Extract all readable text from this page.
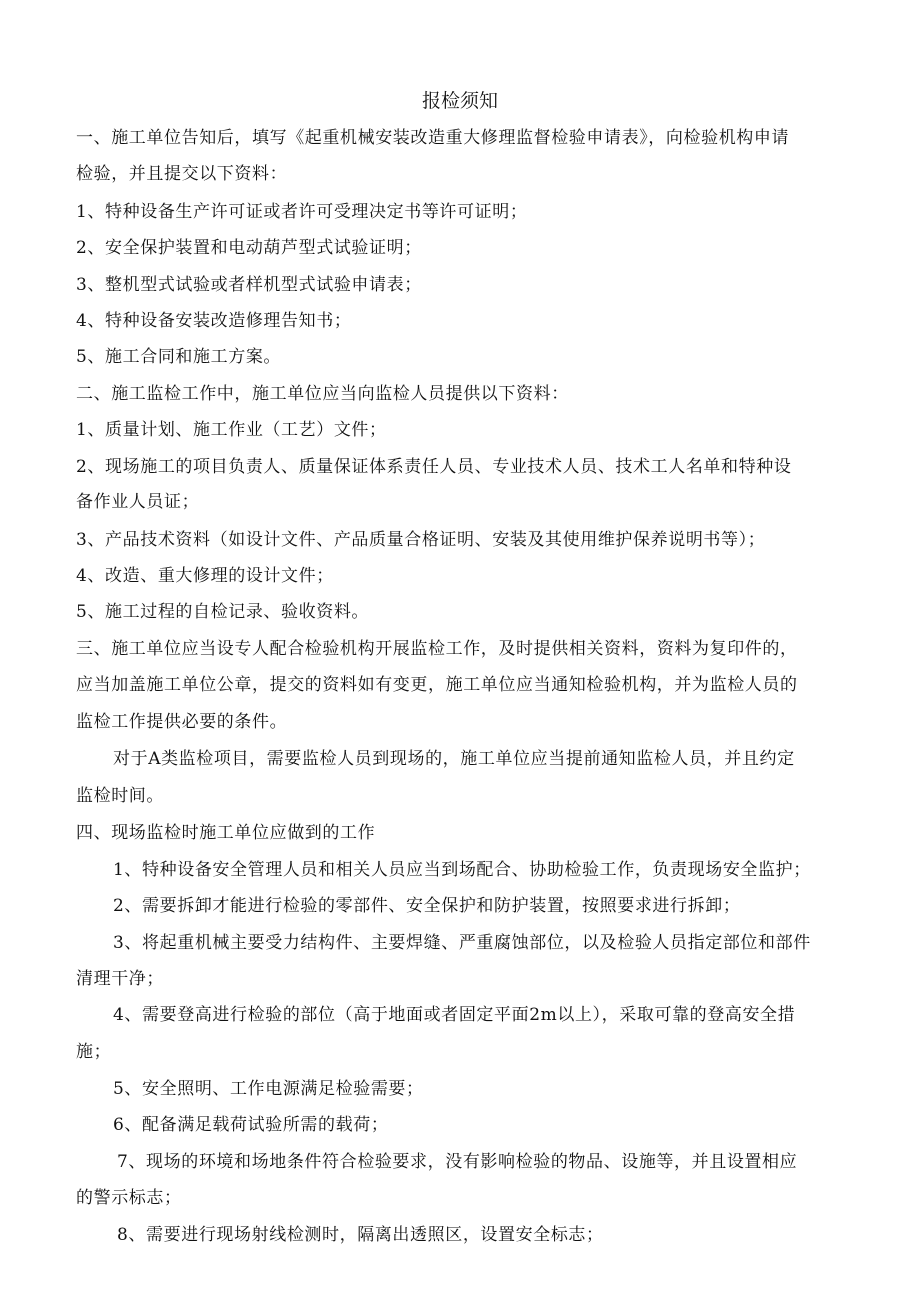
报检须知
一、施工单位告知后，填写《起重机械安装改造重大修理监督检验申请表》，向检验机构申请
检验，并且提交以下资料：
1、特种设备生产许可证或者许可受理决定书等许可证明；
2、安全保护装置和电动葫芦型式试验证明；
3、整机型式试验或者样机型式试验申请表；
4、特种设备安装改造修理告知书；
5、施工合同和施工方案。
二、施工监检工作中，施工单位应当向监检人员提供以下资料：
1、质量计划、施工作业（工艺）文件；
2、现场施工的项目负责人、质量保证体系责任人员、专业技术人员、技术工人名单和特种设
备作业人员证；
3、产品技术资料（如设计文件、产品质量合格证明、安装及其使用维护保养说明书等）；
4、改造、重大修理的设计文件；
5、施工过程的自检记录、验收资料。
三、施工单位应当设专人配合检验机构开展监检工作，及时提供相关资料，资料为复印件的，
应当加盖施工单位公章，提交的资料如有变更，施工单位应当通知检验机构，并为监检人员的
监检工作提供必要的条件。
对于A类监检项目，需要监检人员到现场的，施工单位应当提前通知监检人员，并且约定
监检时间。
四、现场监检时施工单位应做到的工作
1、特种设备安全管理人员和相关人员应当到场配合、协助检验工作，负责现场安全监护；
2、需要拆卸才能进行检验的零部件、安全保护和防护装置，按照要求进行拆卸；
3、将起重机械主要受力结构件、主要焊缝、严重腐蚀部位，以及检验人员指定部位和部件
清理干净；
4、需要登高进行检验的部位（高于地面或者固定平面2m以上），采取可靠的登高安全措
施；
5、安全照明、工作电源满足检验需要；
6、配备满足载荷试验所需的载荷；
7、现场的环境和场地条件符合检验要求，没有影响检验的物品、设施等，并且设置相应
的警示标志；
8、需要进行现场射线检测时，隔离出透照区，设置安全标志；
